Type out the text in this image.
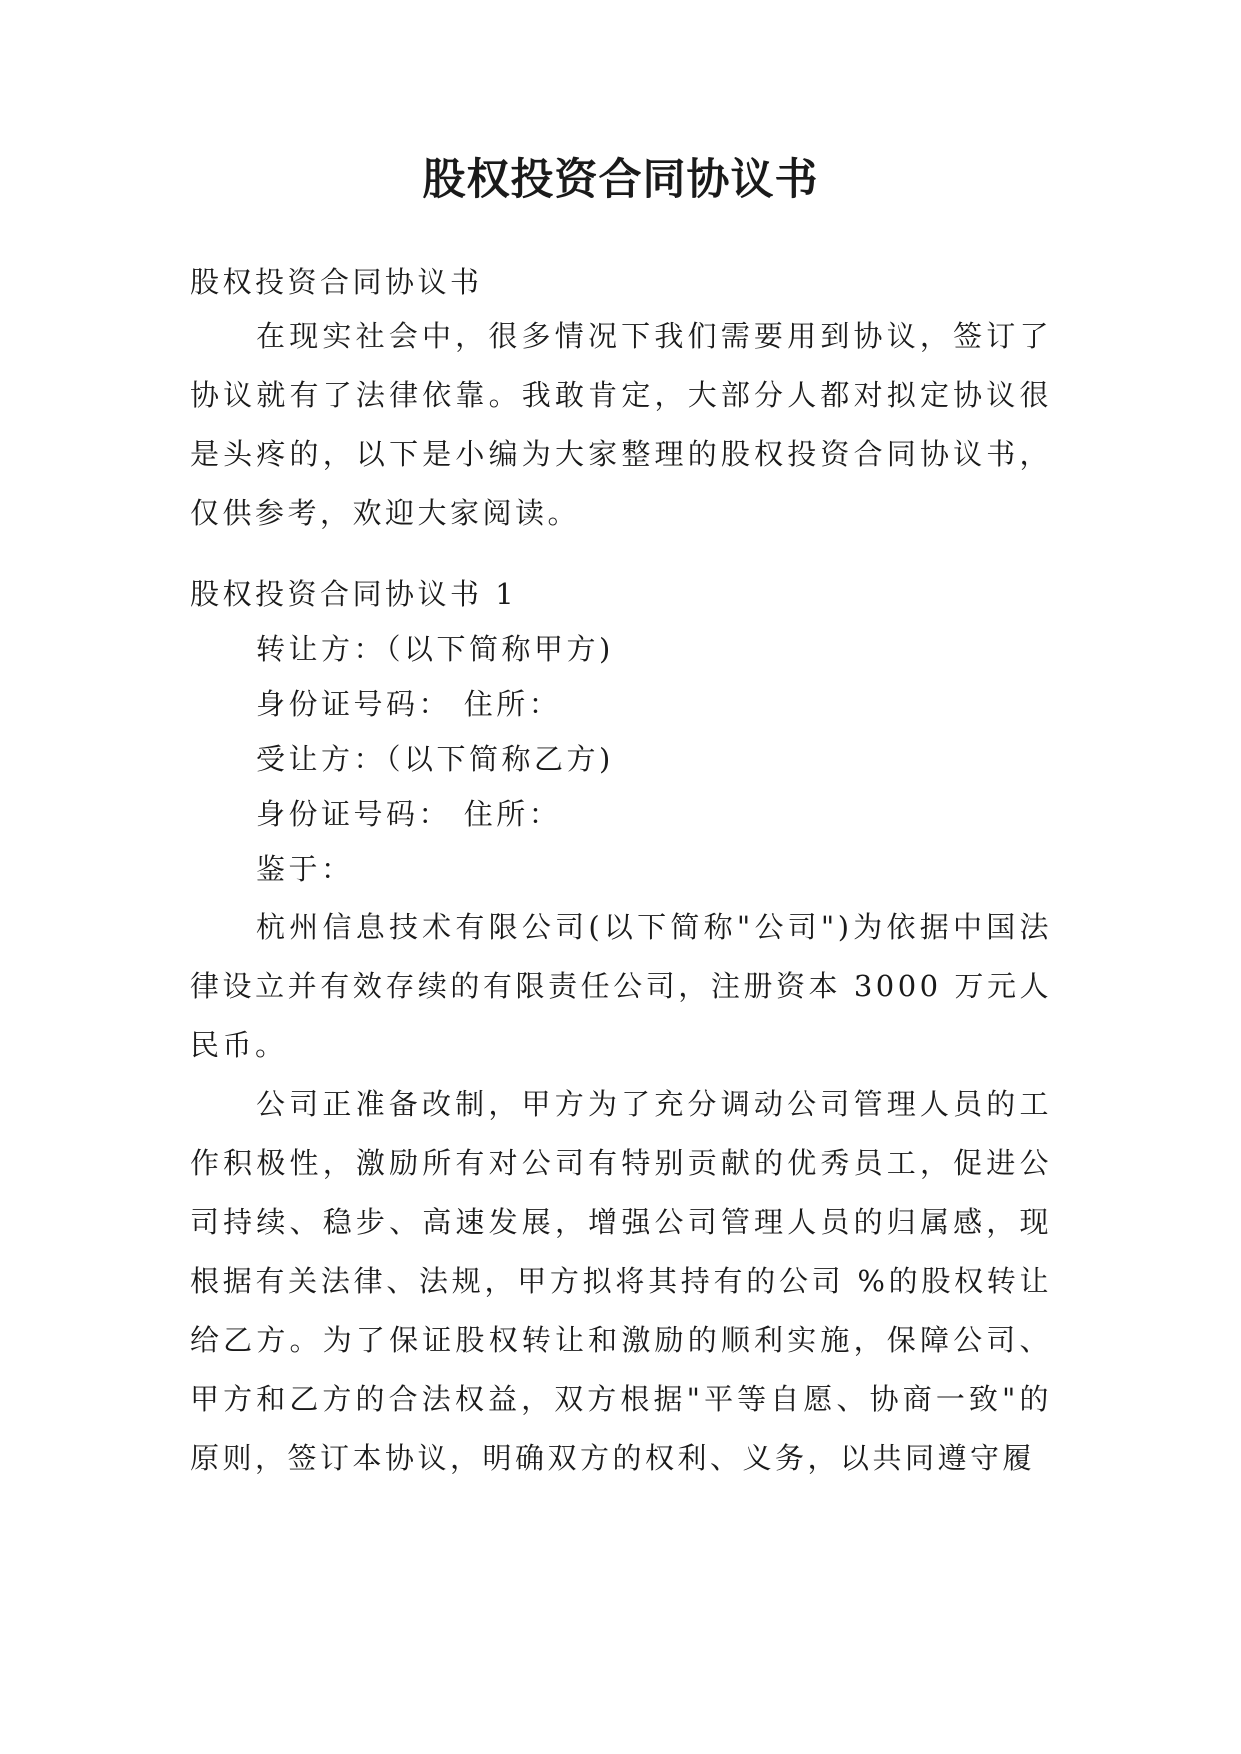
股权投资合同协议书

股权投资合同协议书

在现实社会中，很多情况下我们需要用到协议，签订了协议就有了法律依靠。我敢肯定，大部分人都对拟定协议很是头疼的，以下是小编为大家整理的股权投资合同协议书，仅供参考，欢迎大家阅读。

股权投资合同协议书 1

转让方：（以下简称甲方)

身份证号码： 住所：

受让方：（以下简称乙方)

身份证号码： 住所：

鉴于：

杭州信息技术有限公司(以下简称"公司")为依据中国法律设立并有效存续的有限责任公司，注册资本 3000 万元人民币。

公司正准备改制，甲方为了充分调动公司管理人员的工作积极性，激励所有对公司有特别贡献的优秀员工，促进公司持续、稳步、高速发展，增强公司管理人员的归属感，现根据有关法律、法规，甲方拟将其持有的公司 %的股权转让给乙方。为了保证股权转让和激励的顺利实施，保障公司、甲方和乙方的合法权益，双方根据"平等自愿、协商一致"的原则，签订本协议，明确双方的权利、义务，以共同遵守履
